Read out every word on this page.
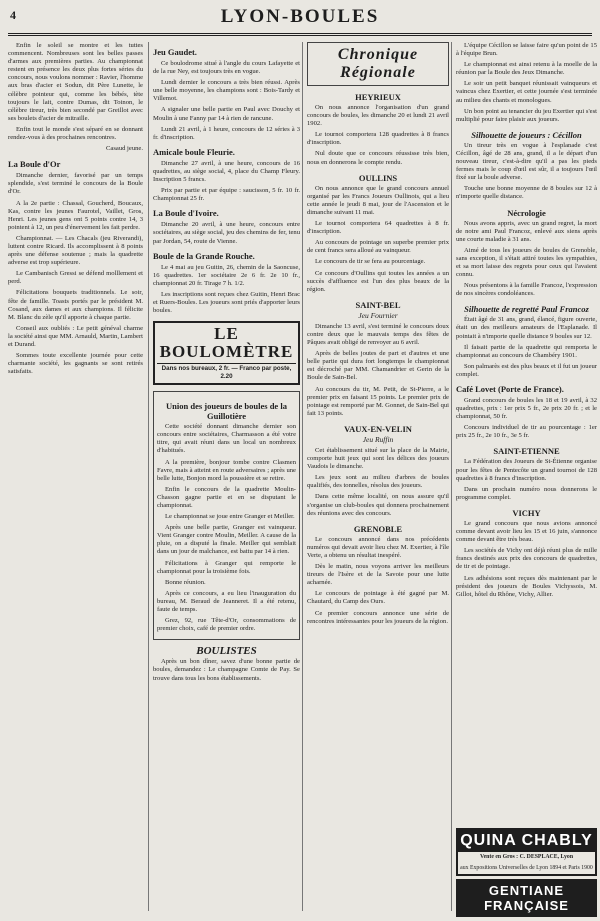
4	LYON-BOULES

Enfin le soleil se montre et les tuttes commencent. Nombreuses sont les belles passes d'armes aux premières parties. Au championnat restent en présence les deux plus fortes séries du concours, nous voulons nommer : Ravier, l'homme aux bras d'acier et Sodun, dit Père Lunette, le célèbre pointeur qui, comme les bébés, tète toujours le lait, contre Dumas, dit Toinon, le célèbre tireur, très bien secondé par Greillot avec ses boulets d'acier de mitraille.

Enfin tout le monde s'est séparé en se donnant rendez-vous à des prochaines rencontres.

Casaud jeune.
La Boule d'Or

Dimanche dernier, favorisé par un temps splendide, s'est terminé le concours de la Boule d'Or.

A la 2e partie : Chassal, Goucherd, Boucaux, Kas, contre les jeunes Faurotel, Vaillet, Gros, Henri. Les jeunes gens ont 5 points contre 14, 3 pointent à 12, un peu d'énervement les fait perdre.

Championnat. — Les Chacals (jeu Riverandi), luttent contre Ricard. Ils accomplissent à 8 points après une défense soutenue ; mais la quadrette adverse est trop supérieure.

Le Cambanisch Gressi se défend molllement et perd.

Félicitations bouquets traditionnels. Le soir, fête de famille. Toasts portés par le président M. Cosand, aux dames et aux champions. Il félicite M. Blanc du zèle qu'il apporte à chaque partie.

Conseil aux oubliés : Le petit généval charme la société ainsi que MM. Arnauld, Martin, Lambert et Durand.

Sommes toute excellente journée pour cette charmante société, les gagnants se sont retirés satisfaits.

Jeu Gaudet.

Ce boulodrome situé à l'angle du cours Lafayette et de la rue Ney, est toujours très en vogue.

Lundi dernier le concours a très bien réussi. Après une belle moyenne, les champions sont : Bois-Tardy et Villemot.

A signaler une belle partie en Paul avec Douchy et Moulin à une Fanny par 14 à rien de rancune.

Lundi 21 avril, à 1 heure, concours de 12 séries à 3 fr. d'inscription.

Amicale boule Fleurie.

Dimanche 27 avril, à une heure, concours de 16 quadrettes, au siège social, 4, place du Champ Fleury. Inscription 5 francs.

Prix par partie et par équipe : saucisson, 5 fr. 10 fr. Championnat 25 fr.

La Boule d'Ivoire.

Dimanche 20 avril, à une heure, concours entre sociétaires, au siège social, jeu des chemins de fer, tenu par Jordan, 54, route de Vienne.

Boule de la Grande Rouche.

Le 4 mai au jeu Guitin, 26, chemin de la Saoncuse, 16 quadrettes. 1er sociétaire 2e 6 fr. 2e 10 fr., championnat 20 fr. Tirage 7 h. 1/2.

Les inscriptions sont reçues chez Guitin, Henri Brac et Ruers-Boules. Les joueurs sont priés d'apporter leurs boules.

LE BOULOMÈTRE
Dans nos bureaux, 2 fr. — Franco par poste, 2.20
Union des joueurs de boules de la Guillotière

Cette société donnant dimanche dernier son concours entre sociétaires, Charmasson a été votre titre, qui avait réuni dans un local un nombreux d'habitués.

A la première, bonjour tombe contre Clasmen Favre, mais à atteint en route adversaires ; après une belle lutte, Bonjon mord la poussière et se retire.

Enfin le concours de la quadrette Moulin-Chasson gagne partie et en se disputant le championnat.

Le championnat se joue entre Granger et Meiller.

Après une belle partie, Granger est vainqueur. Vient Granger contre Moulin, Meiller. A cause de la pluie, on a disputé la finale. Meiller qui semblait dans un jour de malchance, est battu par 14 à rien.

Félicitations à Granger qui remporte le championnat pour la troisième fois.

Bonne réunion.

Après ce concours, a eu lieu l'inauguration du bureau, M. Beraud de Jeanneret. Il a été retenu, faute de temps.

Grez, 92, rue Tête-d'Or, consommations de premier choix, café de premier ordre.

BOULISTES

Après un bon dîner, savez d'une bonne partie de boules, demandez : Le champagne Comte de Pay. Se trouve dans tous les bons établissements.

Chronique Régionale
HEYRIEUX

On nous annonce l'organisation d'un grand concours de boules, les dimanche 20 et lundi 21 avril 1902.

Le tournoi comportera 128 quadrettes à 8 francs d'inscription.

Nul doute que ce concours réussisse très bien, nous en donnerons le compte rendu.

OULLINS

On nous annonce que le grand concours annuel organisé par les Francs Joueurs Oullinois, qui a lieu cette année le jeudi 8 mai, jour de l'Ascension et le dimanche suivant 11 mai.

Le tournoi comportera 64 quadrettes à 8 fr. d'inscription.

Au concours de pointage un superbe premier prix de cent francs sera alloué au vainqueur.

Le concours de tir se fera au pourcentage.

Ce concours d'Oullins qui toutes les années a un succès d'affluence est l'un des plus beaux de la région.

SAINT-BEL
Jeu Fournier

Dimanche 13 avril, s'est terminé le concours doux contre deux que le mauvais temps des fêtes de Pâques avait obligé de renvoyer au 6 avril.

Après de belles joutes de part et d'autres et une belle partie qui dura fort longtemps le championnat est décroché par MM. Chamandrier et Gerin de la Boule de Sain-Bel.

Au concours du tir, M. Petit, de St-Pierre, a le premier prix en faisant 15 points. Le premier prix de pointage est remporté par M. Gonnet, de Sain-Bel qui fait 13 points.

VAUX-EN-VELIN
Jeu Ruffin

Cet établissement situé sur la place de la Mairie, comporte huit jeux qui sont les délices des joueurs Vaudois le dimanche.

Les jeux sont au milieu d'arbres de boules qualifiés, des tonnelles, résolus des joueurs.

Dans cette même localité, on nous assure qu'il s'organise un club-boules qui donnera prochainement des réunions avec des concours.

GRENOBLE

Le concours annoncé dans nos précédents numéros qui devait avoir lieu chez M. Exertier, à l'île Verte, a obtenu un résultat inespéré.

Dès le matin, nous voyons arriver les meilleurs tireurs de l'Isère et de la Savoie pour une lutte acharnée.

Le concours de pointage à été gagné par M. Chautard, du Camp des Ours.

Ce premier concours annonce une série de rencontres intéressantes pour les joueurs de la région.

L'équipe Cécillon se laisse faire qu'un point de 15 à l'équipe Brun.

Le championnat est ainsi retenu à la moelle de la réunion par la Boule des Jeux Dimanche.

Le soir un petit banquet réunissait vainqueurs et vaincus chez Exertier, et cette journée s'est terminée au milieu des chants et monologues.

Un bon point au tenancier du jeu Exertier qui s'est multiplié pour faire plaisir aux joueurs.

Silhouette de joueurs : Cécillon

Un tireur très en vogue à l'esplanade c'est Cécillon, âgé de 28 ans, grand, il a le départ d'un nouveau tireur, c'est-à-dire qu'il a pas les pieds fermes mais le coup d'œil est sûr, il a toujours l'œil fixé sur la boule adverse.

Touche une bonne moyenne de 8 boules sur 12 à n'importe quelle distance.

Nécrologie

Nous avons appris, avec un grand regret, la mort de notre ami Paul Francoz, enlevé aux siens après une courte maladie à 31 ans.

Aimé de tous les joueurs de boules de Grenoble, sans exception, il s'était attiré toutes les sympathies, et sa mort laisse des regrets pour ceux qui l'avaient connu.

Nous présentons à la famille Francoz, l'expression de nos sincères condoléances.

Silhouette de regretté Paul Francoz

Était âgé de 31 ans, grand, élancé, figure ouverte, était un des meilleurs amateurs de l'Esplanade. Il pointait à n'importe quelle distance 9 boules sur 12.

Il faisait partie de la quadrette qui remporta le championnat au concours de Chambéry 1901.

Son palmarès est des plus beaux et il fut un joueur complet.

Café Lovet (Porte de France).

Grand concours de boules les 18 et 19 avril, à 32 quadrettes, prix : 1er prix 5 fr., 2e prix 20 fr. ; et le championnat, 50 fr.

Concours individuel de tir au pourcentage : 1er prix 25 fr., 2e 10 fr., 3e 5 fr.

SAINT-ETIENNE

La Fédération des Joueurs de St-Étienne organise pour les fêtes de Pentecôte un grand tournoi de 128 quadrettes à 8 francs d'inscription.

Dans un prochain numéro nous donnerons le programme complet.

VICHY

Le grand concours que nous avions annoncé comme devant avoir lieu les 15 et 16 juin, s'annonce comme devant être très beau.

Les sociétés de Vichy ont déjà réuni plus de mille francs destinés aux prix des concours de quadrettes, de tir et de pointage.

Les adhésions sont reçues dès maintenant par le président des joueurs de Boules Vichyssois, M. Gillot, hôtel du Rhône, Vichy, Allier.

QUINA CHABLY
Vente en Gros : C. DESPLACE, Lyon
aux Expositions Universelles de Lyon 1894 et Paris 1900
GENTIANE FRANÇAISE
